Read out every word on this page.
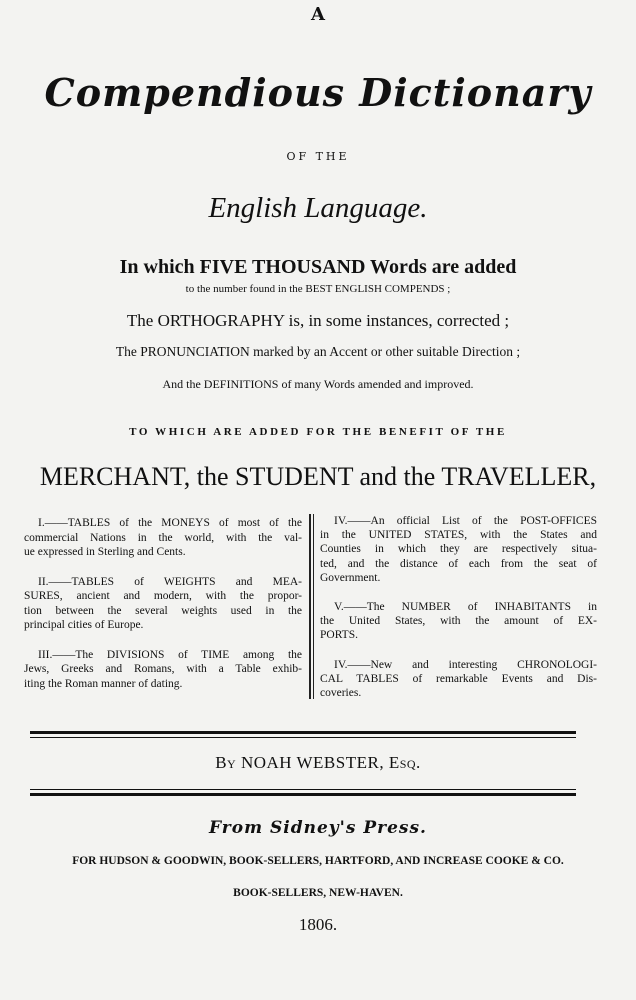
A
Compendious Dictionary
OF THE
English Language.
In which FIVE THOUSAND Words are added
to the number found in the BEST ENGLISH COMPENDS ;
The ORTHOGRAPHY is, in some instances, corrected ;
The PRONUNCIATION marked by an Accent or other suitable Direction ;
And the DEFINITIONS of many Words amended and improved.
TO WHICH ARE ADDED FOR THE BENEFIT OF THE
MERCHANT, the STUDENT and the TRAVELLER,
I.——TABLES of the MONEYS of most of the
commercial Nations in the world, with the val-
ue expressed in Sterling and Cents.
II.——TABLES of WEIGHTS and MEA-
SURES, ancient and modern, with the propor-
tion between the several weights used in the
principal cities of Europe.
III.——The DIVISIONS of TIME among the
Jews, Greeks and Romans, with a Table exhib-
iting the Roman manner of dating.
IV.——An official List of the POST-OFFICES
in the UNITED STATES, with the States and
Counties in which they are respectively situa-
ted, and the distance of each from the seat of
Government.
V.——The NUMBER of INHABITANTS in
the United States, with the amount of EX-
PORTS.
IV.——New and interesting CHRONOLOGI-
CAL TABLES of remarkable Events and Dis-
coveries.
By NOAH WEBSTER, Esq.
From Sidney's Press.
FOR HUDSON & GOODWIN, BOOK-SELLERS, HARTFORD, AND INCREASE COOKE & CO.
BOOK-SELLERS, NEW-HAVEN.
1806.
